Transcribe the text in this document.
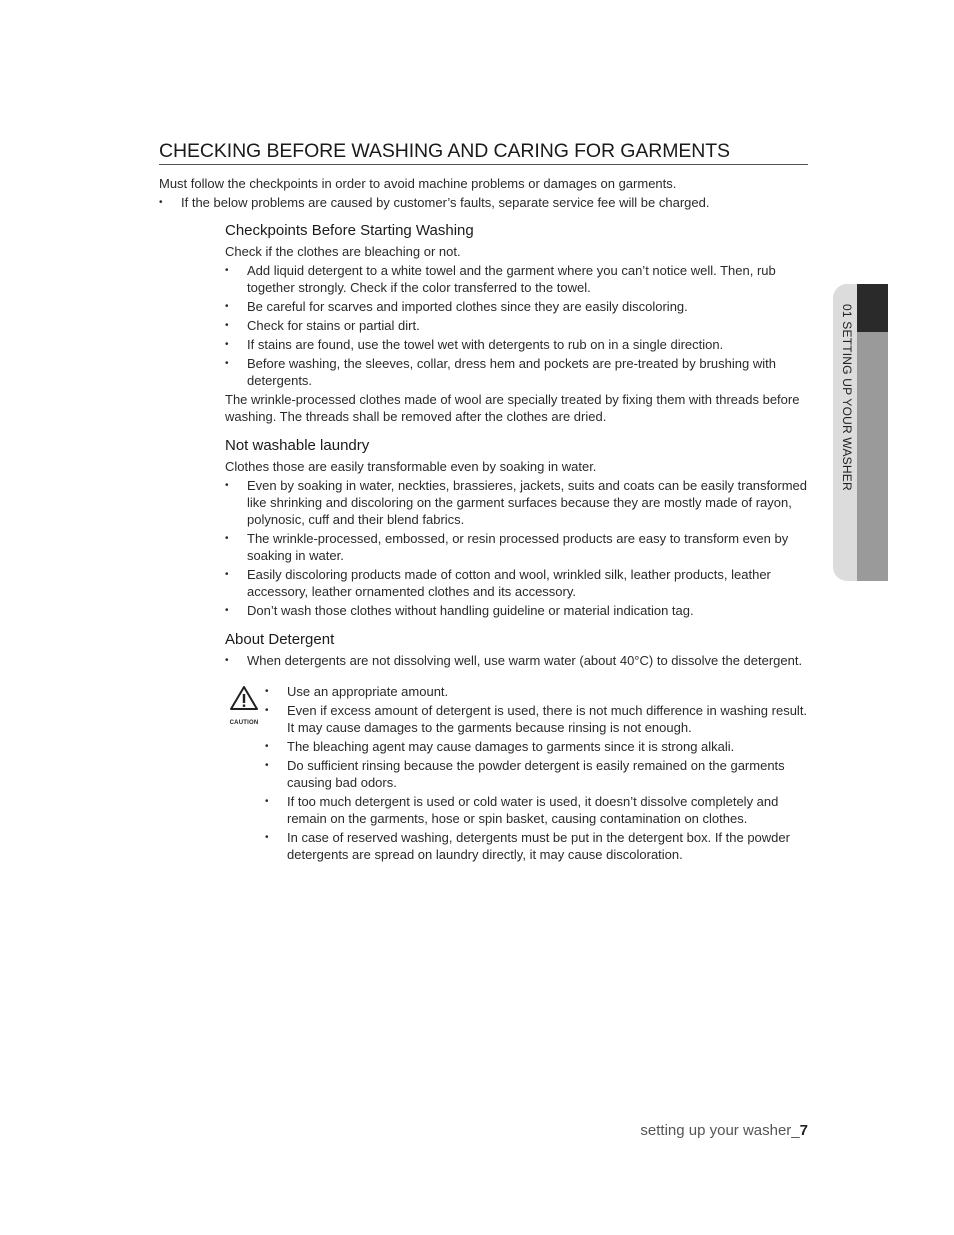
CHECKING BEFORE WASHING AND CARING FOR GARMENTS

Must follow the checkpoints in order to avoid machine problems or damages on garments.

• If the below problems are caused by customer’s faults, separate service fee will be charged.
Checkpoints Before Starting Washing

Check if the clothes are bleaching or not.

• Add liquid detergent to a white towel and the garment where you can’t notice well. Then, rub together strongly. Check if the color transferred to the towel.
• Be careful for scarves and imported clothes since they are easily discoloring.
• Check for stains or partial dirt.
• If stains are found, use the towel wet with detergents to rub on in a single direction.
• Before washing, the sleeves, collar, dress hem and pockets are pre-treated by brushing with detergents.

The wrinkle-processed clothes made of wool are specially treated by fixing them with threads before washing. The threads shall be removed after the clothes are dried.

Not washable laundry

Clothes those are easily transformable even by soaking in water.

• Even by soaking in water, neckties, brassieres, jackets, suits and coats can be easily transformed like shrinking and discoloring on the garment surfaces because they are mostly made of rayon, polynosic, cuff and their blend fabrics.
• The wrinkle-processed, embossed, or resin processed products are easy to transform even by soaking in water.
• Easily discoloring products made of cotton and wool, wrinkled silk, leather products, leather accessory, leather ornamented clothes and its accessory.
• Don’t wash those clothes without handling guideline or material indication tag.
About Detergent
• When detergents are not dissolving well, use warm water (about 40°C) to dissolve the detergent.
CAUTION
• Use an appropriate amount.
• Even if excess amount of detergent is used, there is not much difference in washing result. It may cause damages to the garments because rinsing is not enough.
• The bleaching agent may cause damages to garments since it is strong alkali.
• Do sufficient rinsing because the powder detergent is easily remained on the garments causing bad odors.
• If too much detergent is used or cold water is used, it doesn’t dissolve completely and remain on the garments, hose or spin basket, causing contamination on clothes.
• In case of reserved washing, detergents must be put in the detergent box. If the powder detergents are spread on laundry directly, it may cause discoloration.
01 SETTING UP YOUR WASHER
setting up your washer_7
